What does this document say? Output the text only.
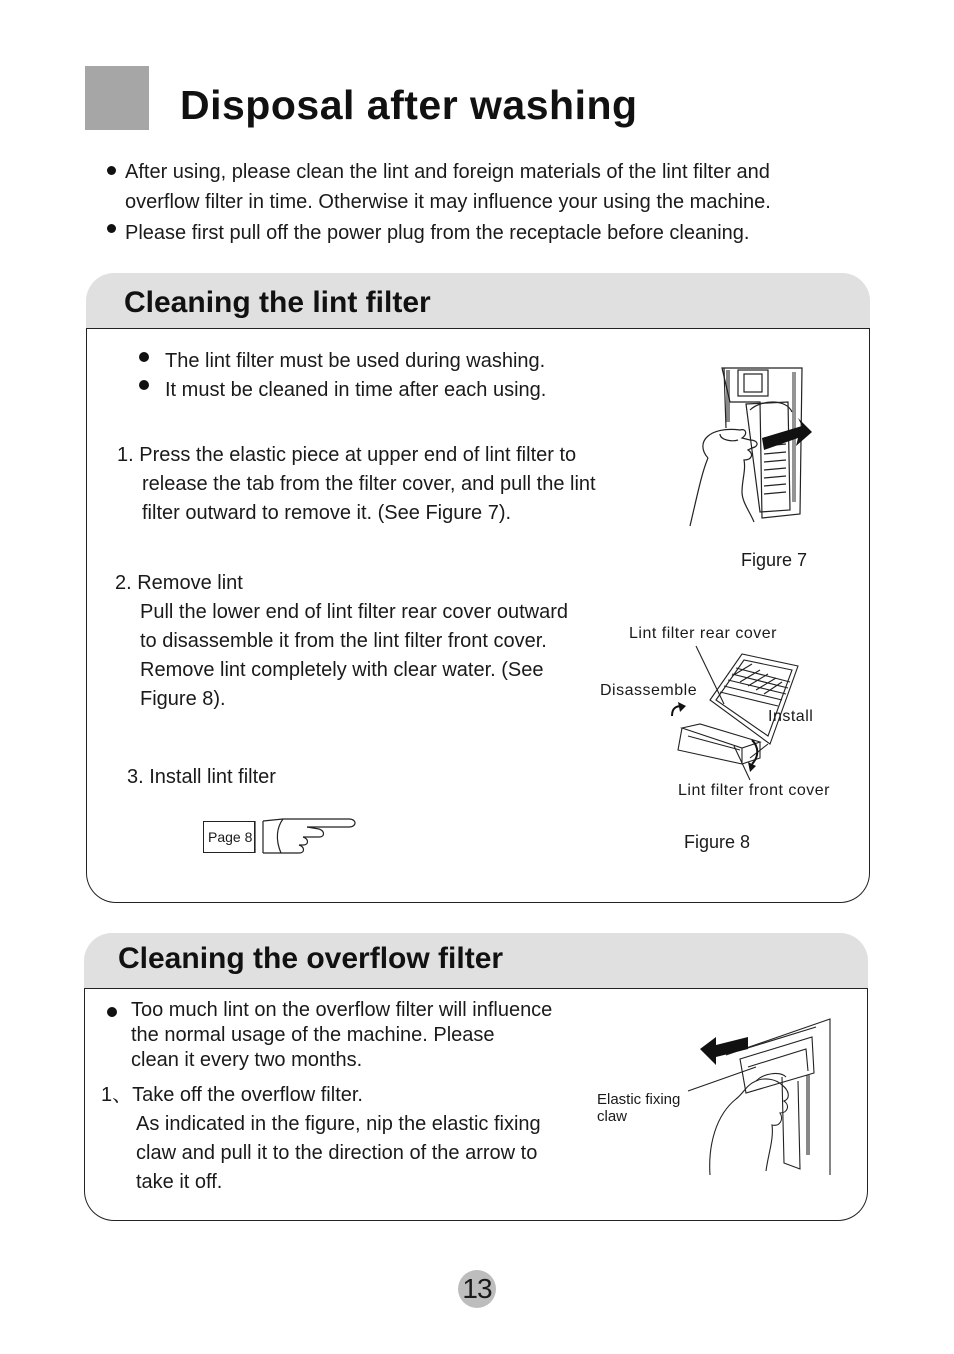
Disposal after washing
After using, please clean the lint and foreign materials of the lint filter and
overflow filter in time. Otherwise it may influence your using the machine.
Please first pull off the power plug from the receptacle before cleaning.
Cleaning the lint filter
The lint filter must be used during washing.
It must be cleaned in time after each using.
1. Press the elastic piece at upper end of lint filter to
release the tab from the filter cover, and pull the lint
filter outward to remove it. (See Figure 7).
Figure 7
2. Remove lint
Pull the lower end of lint filter rear cover outward
to disassemble it from the lint filter front cover.
Remove lint completely with clear water. (See
Figure 8).
Lint filter rear cover
Disassemble
Install
Lint filter front cover
3. Install lint filter
Page 8	Figure 8
Cleaning the overflow filter
Too much lint on the overflow filter will influence
the normal usage of the machine. Please
clean it every two months.
1、Take off the overflow filter.
As indicated in the figure, nip the elastic fixing
claw and pull it to the direction of the arrow to
take it off.
Elastic fixing
claw
13
